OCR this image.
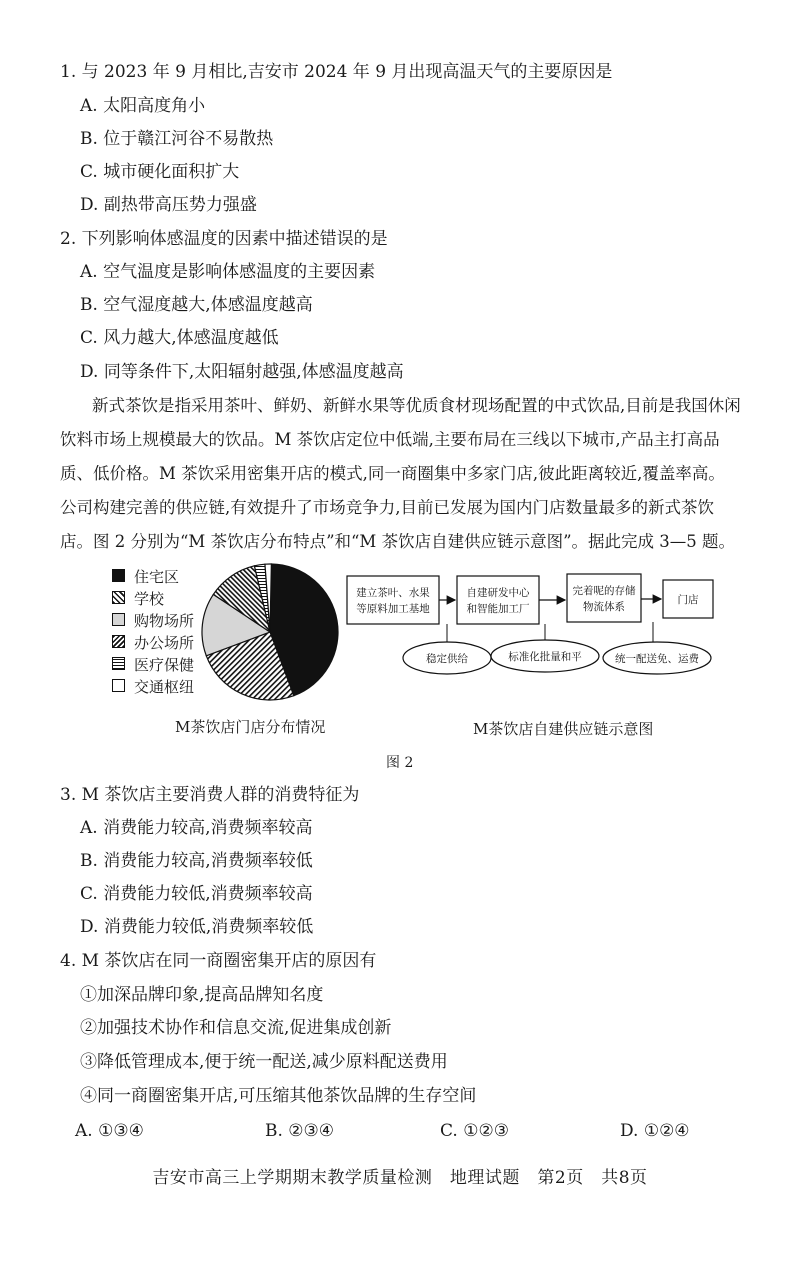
1. 与 2023 年 9 月相比,吉安市 2024 年 9 月出现高温天气的主要原因是
A. 太阳高度角小
B. 位于赣江河谷不易散热
C. 城市硬化面积扩大
D. 副热带高压势力强盛
2. 下列影响体感温度的因素中描述错误的是
A. 空气温度是影响体感温度的主要因素
B. 空气湿度越大,体感温度越高
C. 风力越大,体感温度越低
D. 同等条件下,太阳辐射越强,体感温度越高
新式茶饮是指采用茶叶、鲜奶、新鲜水果等优质食材现场配置的中式饮品,目前是我国休闲
饮料市场上规模最大的饮品。M 茶饮店定位中低端,主要布局在三线以下城市,产品主打高品
质、低价格。M 茶饮采用密集开店的模式,同一商圈集中多家门店,彼此距离较近,覆盖率高。
公司构建完善的供应链,有效提升了市场竞争力,目前已发展为国内门店数量最多的新式茶饮
店。图 2 分别为“M 茶饮店分布特点”和“M 茶饮店自建供应链示意图”。据此完成 3—5 题。
住宅区
学校
购物场所
办公场所
医疗保健
交通枢纽
M茶饮店门店分布情况
建立茶叶、水果
等原料加工基地
自建研发中心
和智能加工厂
完着呢的存储
物流体系
门店
稳定供给	标准化批量和平	统一配送免、运费
M茶饮店自建供应链示意图
图 2
3. M 茶饮店主要消费人群的消费特征为
A. 消费能力较高,消费频率较高
B. 消费能力较高,消费频率较低
C. 消费能力较低,消费频率较高
D. 消费能力较低,消费频率较低
4. M 茶饮店在同一商圈密集开店的原因有
①加深品牌印象,提高品牌知名度
②加强技术协作和信息交流,促进集成创新
③降低管理成本,便于统一配送,减少原料配送费用
④同一商圈密集开店,可压缩其他茶饮品牌的生存空间
A. ①③④	B. ②③④	C. ①②③	D. ①②④
吉安市高三上学期期末教学质量检测　地理试题　第2页　共8页
